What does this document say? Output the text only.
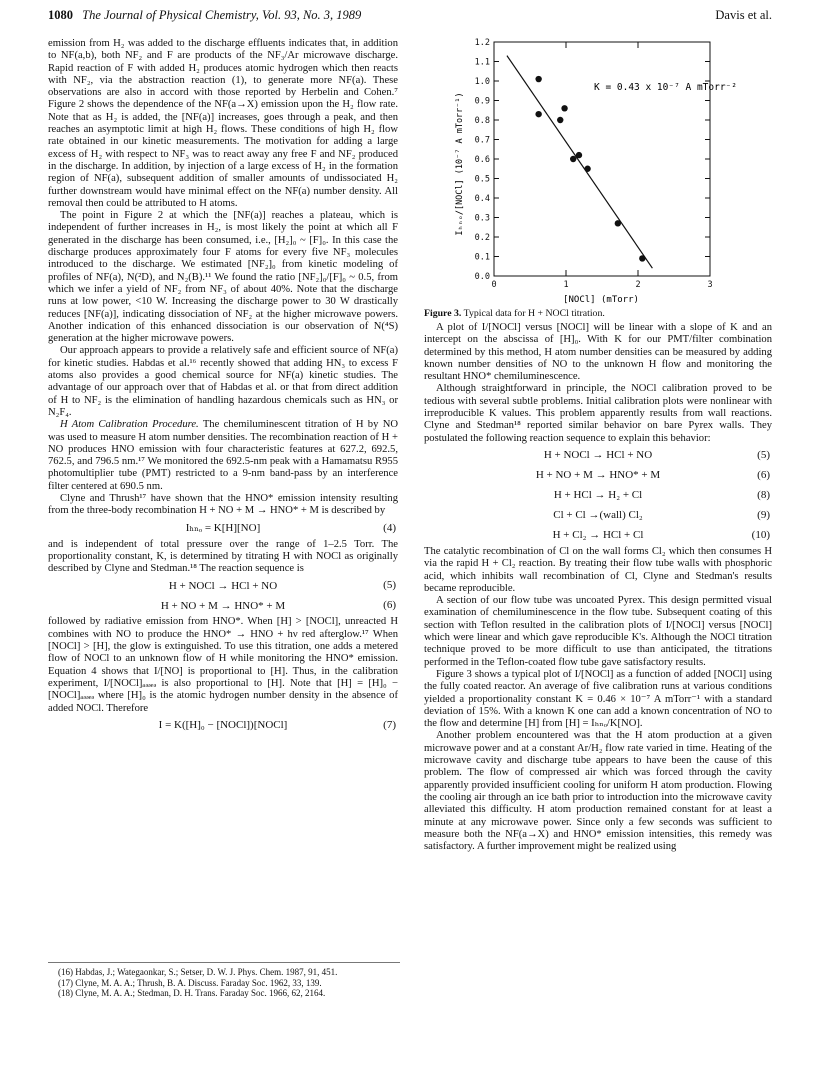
1080 The Journal of Physical Chemistry, Vol. 93, No. 3, 1989	Davis et al.

emission from H₂ was added to the discharge effluents indicates that, in addition to NF(a,b), both NF₂ and F are products of the NF₃/Ar microwave discharge. Rapid reaction of F with added H₂ produces atomic hydrogen which then reacts with NF₂, via the abstraction reaction (1), to generate more NF(a). These observations are also in accord with those reported by Herbelin and Cohen.⁷ Figure 2 shows the dependence of the NF(a→X) emission upon the H₂ flow rate. Note that as H₂ is added, the [NF(a)] increases, goes through a peak, and then reaches an asymptotic limit at high H₂ flows. These conditions of high H₂ flow rate obtained in our kinetic measurements. The motivation for adding a large excess of H₂ with respect to NF₃ was to react away any free F and NF₂ produced in the discharge. In addition, by injection of a large excess of H₂ in the formation region of NF(a), subsequent addition of smaller amounts of undissociated H₂ further downstream would have minimal effect on the NF(a) number density. All removal then could be attributed to H atoms.

The point in Figure 2 at which the [NF(a)] reaches a plateau, which is independent of further increases in H₂, is most likely the point at which all F generated in the discharge has been consumed, i.e., [H₂]₀ ~ [F]₀. In this case the discharge produces approximately four F atoms for every five NF₃ molecules introduced to the discharge. We estimated [NF₂]₀ from kinetic modeling of profiles of NF(a), N(²D), and N₂(B).¹¹ We found the ratio [NF₂]₀/[F]₀ ~ 0.5, from which we infer a yield of NF₂ from NF₃ of about 40%. Note that the discharge runs at low power, <10 W. Increasing the discharge power to 30 W drastically reduces [NF(a)], indicating dissociation of NF₂ at the higher microwave powers. Another indication of this enhanced dissociation is our observation of N(⁴S) generation at the higher microwave powers.

Our approach appears to provide a relatively safe and efficient source of NF(a) for kinetic studies. Habdas et al.¹⁶ recently showed that adding HN₃ to excess F atoms also provides a good chemical source for NF(a) kinetic studies. The advantage of our approach over that of Habdas et al. or that from direct addition of H to NF₂ is the elimination of handling hazardous chemicals such as HN₃ or N₂F₄.

H Atom Calibration Procedure. The chemiluminescent titration of H by NO was used to measure H atom number densities. The recombination reaction of H + NO produces HNO emission with four characteristic features at 627.2, 692.5, 762.5, and 796.5 nm.¹⁷ We monitored the 692.5-nm peak with a Hamamatsu R955 photomultiplier tube (PMT) restricted to a 9-nm band-pass by an interference filter centered at 690.5 nm.

Clyne and Thrush¹⁷ have shown that the HNO* emission intensity resulting from the three-body recombination H + NO + M → HNO* + M is described by

Iₕₙₒ = K[H][NO]	(4)

and is independent of total pressure over the range of 1–2.5 Torr. The proportionality constant, K, is determined by titrating H with NOCl as originally described by Clyne and Stedman.¹⁸ The reaction sequence is

H + NOCl → HCl + NO	(5)
H + NO + M → HNO* + M	(6)

followed by radiative emission from HNO*. When [H] > [NOCl], unreacted H combines with NO to produce the HNO* → HNO + hν red afterglow.¹⁷ When [NOCl] > [H], the glow is extinguished. To use this titration, one adds a metered flow of NOCl to an unknown flow of H while monitoring the HNO* emission. Equation 4 shows that I/[NO] is proportional to [H]. Thus, in the calibration experiment, I/[NOCl]ₐₔₔₑₔ is also proportional to [H]. Note that [H] = [H]₀ − [NOCl]ₐₔₔₑₔ where [H]₀ is the atomic hydrogen number density in the absence of added NOCl. Therefore

I = K([H]₀ − [NOCl])[NOCl]	(7)
(16) Habdas, J.; Wategaonkar, S.; Setser, D. W. J. Phys. Chem. 1987, 91, 451.
(17) Clyne, M. A. A.; Thrush, B. A. Discuss. Faraday Soc. 1962, 33, 139.
(18) Clyne, M. A. A.; Stedman, D. H. Trans. Faraday Soc. 1966, 62, 2164.
0.0
0.1
0.2
0.3
0.4
0.5
0.6
0.7
0.8
0.9
1.0
1.1
1.2
0	1	2	3
K = 0.43 x 10⁻⁷ A mTorr⁻²
Iₕₙₒ/[NOCl] (10⁻⁷ A mTorr⁻¹)
[NOCl] (mTorr)
Figure 3. Typical data for H + NOCl titration.

A plot of I/[NOCl] versus [NOCl] will be linear with a slope of K and an intercept on the abscissa of [H]₀. With K for our PMT/filter combination determined by this method, H atom number densities can be measured by adding known number densities of NO to the unknown H flow and monitoring the resultant HNO* chemiluminescence.

Although straightforward in principle, the NOCl calibration proved to be tedious with several subtle problems. Initial calibration plots were nonlinear with irreproducible K values. This problem apparently results from wall reactions. Clyne and Stedman¹⁸ reported similar behavior on bare Pyrex walls. They postulated the following reaction sequence to explain this behavior:

H + NOCl → HCl + NO	(5)
H + NO + M → HNO* + M	(6)
H + HCl → H₂ + Cl	(8)
Cl + Cl →(wall) Cl₂	(9)
H + Cl₂ → HCl + Cl	(10)

The catalytic recombination of Cl on the wall forms Cl₂ which then consumes H via the rapid H + Cl₂ reaction. By treating their flow tube walls with phosphoric acid, which inhibits wall recombination of Cl, Clyne and Stedman's results became reproducible.

A section of our flow tube was uncoated Pyrex. This design permitted visual examination of chemiluminescence in the flow tube. Subsequent coating of this section with Teflon resulted in the calibration plots of I/[NOCl] versus [NOCl] which were linear and which gave reproducible K's. Although the NOCl titration technique proved to be more difficult to use than anticipated, the titrations performed in the Teflon-coated flow tube gave satisfactory results.

Figure 3 shows a typical plot of I/[NOCl] as a function of added [NOCl] using the fully coated reactor. An average of five calibration runs at various conditions yielded a proportionality constant K = 0.46 × 10⁻⁷ A mTorr⁻¹ with a standard deviation of 15%. With a known K one can add a known concentration of NO to the flow and determine [H] from [H] = Iₕₙₒ/K[NO].

Another problem encountered was that the H atom production at a given microwave power and at a constant Ar/H₂ flow rate varied in time. Heating of the microwave cavity and discharge tube appears to have been the cause of this problem. The flow of compressed air which was forced through the cavity apparently provided insufficient cooling for uniform H atom production. Flowing the cooling air through an ice bath prior to introduction into the microwave cavity alleviated this difficulty. H atom production remained constant for at least a minute at any microwave power. Since only a few seconds was sufficient to measure both the NF(a→X) and HNO* emission intensities, this remedy was satisfactory. A further improvement might be realized using
